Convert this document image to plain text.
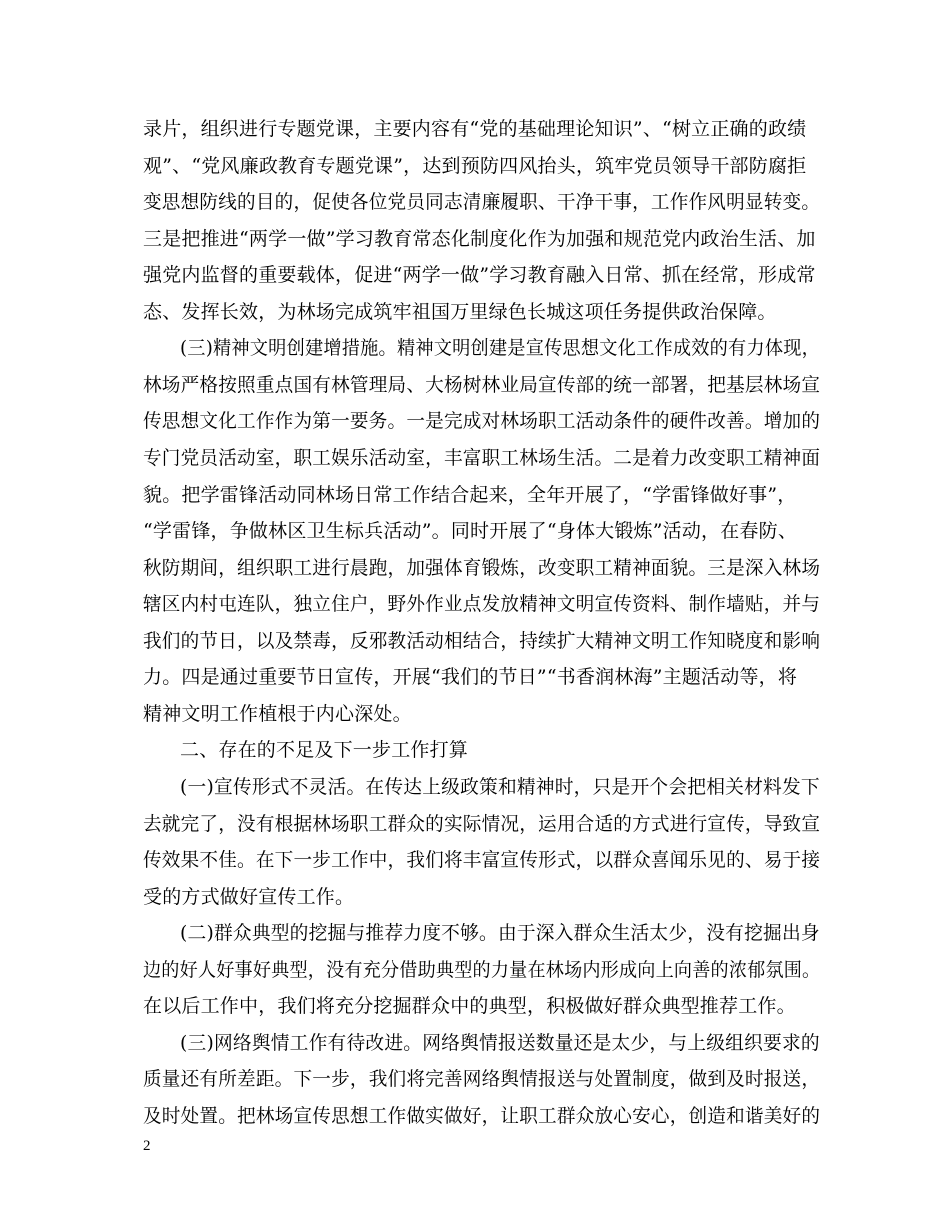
录片，组织进行专题党课，主要内容有“党的基础理论知识”、“树立正确的政绩
观”、“党风廉政教育专题党课”，达到预防四风抬头，筑牢党员领导干部防腐拒
变思想防线的目的，促使各位党员同志清廉履职、干净干事，工作作风明显转变。
三是把推进“两学一做”学习教育常态化制度化作为加强和规范党内政治生活、加
强党内监督的重要载体，促进“两学一做”学习教育融入日常、抓在经常，形成常
态、发挥长效，为林场完成筑牢祖国万里绿色长城这项任务提供政治保障。
(三)精神文明创建增措施。精神文明创建是宣传思想文化工作成效的有力体现，
林场严格按照重点国有林管理局、大杨树林业局宣传部的统一部署，把基层林场宣
传思想文化工作作为第一要务。一是完成对林场职工活动条件的硬件改善。增加的
专门党员活动室，职工娱乐活动室，丰富职工林场生活。二是着力改变职工精神面
貌。把学雷锋活动同林场日常工作结合起来，全年开展了，“学雷锋做好事”，
“学雷锋，争做林区卫生标兵活动”。同时开展了“身体大锻炼”活动，在春防、
秋防期间，组织职工进行晨跑，加强体育锻炼，改变职工精神面貌。三是深入林场
辖区内村屯连队，独立住户，野外作业点发放精神文明宣传资料、制作墙贴，并与
我们的节日，以及禁毒，反邪教活动相结合，持续扩大精神文明工作知晓度和影响
力。四是通过重要节日宣传，开展“我们的节日”“书香润林海”主题活动等，将
精神文明工作植根于内心深处。
二、存在的不足及下一步工作打算
(一)宣传形式不灵活。在传达上级政策和精神时，只是开个会把相关材料发下
去就完了，没有根据林场职工群众的实际情况，运用合适的方式进行宣传，导致宣
传效果不佳。在下一步工作中，我们将丰富宣传形式，以群众喜闻乐见的、易于接
受的方式做好宣传工作。
(二)群众典型的挖掘与推荐力度不够。由于深入群众生活太少，没有挖掘出身
边的好人好事好典型，没有充分借助典型的力量在林场内形成向上向善的浓郁氛围。
在以后工作中，我们将充分挖掘群众中的典型，积极做好群众典型推荐工作。
(三)网络舆情工作有待改进。网络舆情报送数量还是太少，与上级组织要求的
质量还有所差距。下一步，我们将完善网络舆情报送与处置制度，做到及时报送，
及时处置。把林场宣传思想工作做实做好，让职工群众放心安心，创造和谐美好的
2
